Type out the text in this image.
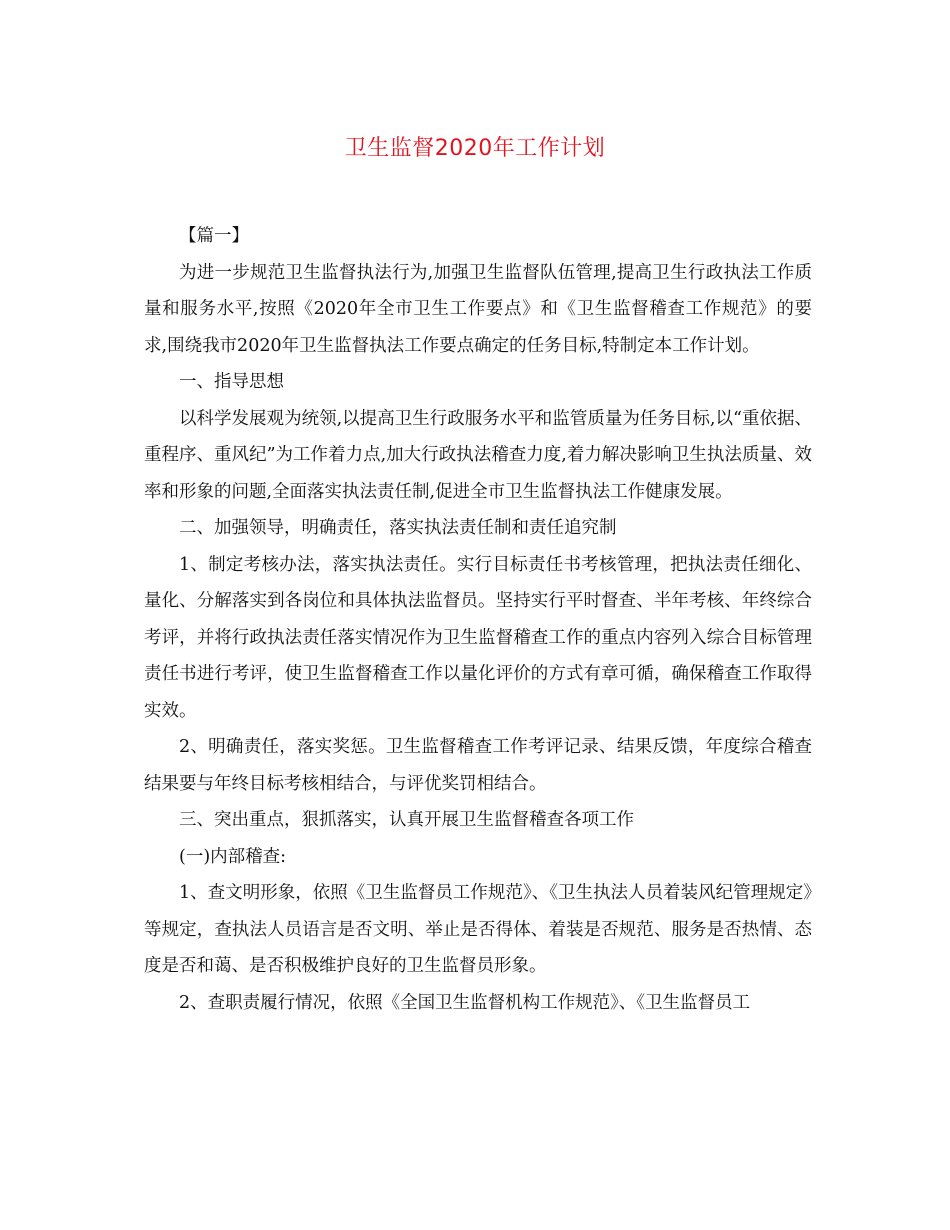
卫生监督2020年工作计划

【篇一】

为进一步规范卫生监督执法行为,加强卫生监督队伍管理,提高卫生行政执法工作质量和服务水平,按照《2020年全市卫生工作要点》和《卫生监督稽查工作规范》的要求,围绕我市2020年卫生监督执法工作要点确定的任务目标,特制定本工作计划。

一、指导思想

以科学发展观为统领,以提高卫生行政服务水平和监管质量为任务目标,以“重依据、重程序、重风纪”为工作着力点,加大行政执法稽查力度,着力解决影响卫生执法质量、效率和形象的问题,全面落实执法责任制,促进全市卫生监督执法工作健康发展。

二、加强领导，明确责任，落实执法责任制和责任追究制

1、制定考核办法，落实执法责任。实行目标责任书考核管理，把执法责任细化、量化、分解落实到各岗位和具体执法监督员。坚持实行平时督查、半年考核、年终综合考评，并将行政执法责任落实情况作为卫生监督稽查工作的重点内容列入综合目标管理责任书进行考评，使卫生监督稽查工作以量化评价的方式有章可循，确保稽查工作取得实效。

2、明确责任，落实奖惩。卫生监督稽查工作考评记录、结果反馈，年度综合稽查结果要与年终目标考核相结合，与评优奖罚相结合。

三、突出重点，狠抓落实，认真开展卫生监督稽查各项工作

(一)内部稽查:

1、查文明形象，依照《卫生监督员工作规范》、《卫生执法人员着装风纪管理规定》等规定，查执法人员语言是否文明、举止是否得体、着装是否规范、服务是否热情、态度是否和蔼、是否积极维护良好的卫生监督员形象。

2、查职责履行情况，依照《全国卫生监督机构工作规范》、《卫生监督员工
